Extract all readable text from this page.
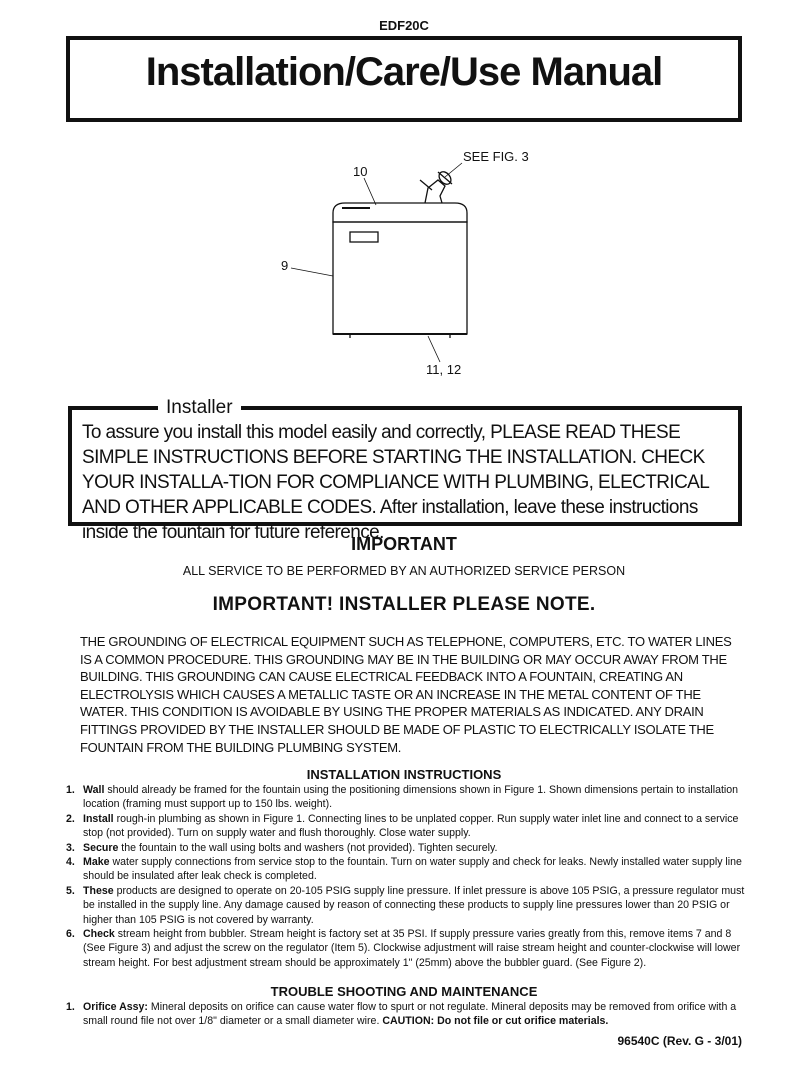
EDF20C
Installation/Care/Use Manual
SEE FIG. 3
10
9
11, 12
Installer
To assure you install this model easily and correctly, PLEASE READ THESE SIMPLE INSTRUCTIONS BEFORE STARTING THE INSTALLATION. CHECK YOUR INSTALLA-TION FOR COMPLIANCE WITH PLUMBING, ELECTRICAL AND OTHER APPLICABLE CODES. After installation, leave these instructions inside the fountain for future reference.
IMPORTANT
ALL SERVICE TO BE PERFORMED BY AN AUTHORIZED SERVICE PERSON
IMPORTANT! INSTALLER PLEASE NOTE.
THE GROUNDING OF ELECTRICAL EQUIPMENT SUCH AS TELEPHONE, COMPUTERS, ETC. TO WATER LINES IS A COMMON PROCEDURE. THIS GROUNDING MAY BE IN THE BUILDING OR MAY OCCUR AWAY FROM THE BUILDING. THIS GROUNDING CAN CAUSE ELECTRICAL FEEDBACK INTO A FOUNTAIN, CREATING AN ELECTROLYSIS WHICH CAUSES A METALLIC TASTE OR AN INCREASE IN THE METAL CONTENT OF THE WATER. THIS CONDITION IS AVOIDABLE BY USING THE PROPER MATERIALS AS INDICATED. ANY DRAIN FITTINGS PROVIDED BY THE INSTALLER SHOULD BE MADE OF PLASTIC TO ELECTRICALLY ISOLATE THE FOUNTAIN FROM THE BUILDING PLUMBING SYSTEM.
INSTALLATION INSTRUCTIONS
1. Wall should already be framed for the fountain using the positioning dimensions shown in Figure 1. Shown dimensions pertain to installation location (framing must support up to 150 lbs. weight).
2. Install rough-in plumbing as shown in Figure 1. Connecting lines to be unplated copper. Run supply water inlet line and connect to a service stop (not provided). Turn on supply water and flush thoroughly. Close water supply.
3. Secure the fountain to the wall using bolts and washers (not provided). Tighten securely.
4. Make water supply connections from service stop to the fountain. Turn on water supply and check for leaks. Newly installed water supply line should be insulated after leak check is completed.
5. These products are designed to operate on 20-105 PSIG supply line pressure. If inlet pressure is above 105 PSIG, a pressure regulator must be installed in the supply line. Any damage caused by reason of connecting these products to supply line pressures lower than 20 PSIG or higher than 105 PSIG is not covered by warranty.
6. Check stream height from bubbler. Stream height is factory set at 35 PSI. If supply pressure varies greatly from this, remove items 7 and 8 (See Figure 3) and adjust the screw on the regulator (Item 5). Clockwise adjustment will raise stream height and counter-clockwise will lower stream height. For best adjustment stream should be approximately 1" (25mm) above the bubbler guard. (See Figure 2).
TROUBLE SHOOTING AND MAINTENANCE
1. Orifice Assy: Mineral deposits on orifice can cause water flow to spurt or not regulate. Mineral deposits may be removed from orifice with a small round file not over 1/8" diameter or a small diameter wire. CAUTION: Do not file or cut orifice materials.
96540C (Rev. G - 3/01)
